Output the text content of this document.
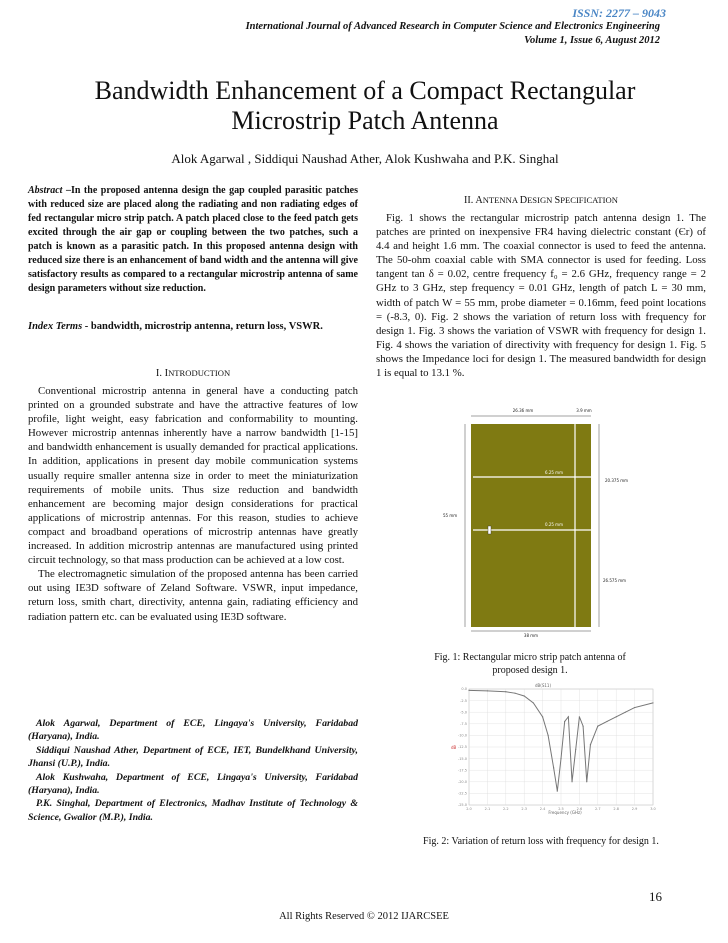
ISSN: 2277 – 9043
International Journal of Advanced Research in Computer Science and Electronics Engineering
Volume 1, Issue 6, August 2012
Bandwidth Enhancement of a Compact Rectangular
Microstrip Patch Antenna
Alok Agarwal , Siddiqui Naushad Ather, Alok Kushwaha and P.K. Singhal
Abstract –In the proposed antenna design the gap coupled parasitic patches with reduced size are placed along the radiating and non radiating edges of fed rectangular micro strip patch. A patch placed close to the feed patch gets excited through the air gap or coupling between the two patches, such a patch is known as a parasitic patch. In this proposed antenna design with reduced size there is an enhancement of band width and the antenna will give satisfactory results as compared to a rectangular microstrip antenna of same design parameters without size reduction.
Index Terms - bandwidth, microstrip antenna, return loss, VSWR.
I. INTRODUCTION

Conventional microstrip antenna in general have a conducting patch printed on a grounded substrate and have the attractive features of low profile, light weight, easy fabrication and conformability to mounting. However microstrip antennas inherently have a narrow bandwidth [1-15] and bandwidth enhancement is usually demanded for practical applications. In addition, applications in present day mobile communication systems usually require smaller antenna size in order to meet the miniaturization requirements of mobile units. Thus size reduction and bandwidth enhancement are becoming major design considerations for practical applications of microstrip antennas. For this reason, studies to achieve compact and broadband operations of microstrip antennas have greatly increased. In addition microstrip antennas are manufactured using printed circuit technology, so that mass production can be achieved at a low cost.

The electromagnetic simulation of the proposed antenna has been carried out using IE3D software of Zeland Software. VSWR, input impedance, return loss, smith chart, directivity, antenna gain, radiating efficiency and radiation pattern etc. can be evaluated using IE3D software.

Alok Agarwal, Department of ECE, Lingaya's University, Faridabad (Haryana), India.
Siddiqui Naushad Ather, Department of ECE, IET, Bundelkhand University, Jhansi (U.P.), India.
Alok Kushwaha, Department of ECE, Lingaya's University, Faridabad (Haryana), India.
P.K. Singhal, Department of Electronics, Madhav Institute of Technology & Science, Gwalior (M.P.), India.
II. ANTENNA DESIGN SPECIFICATION

Fig. 1 shows the rectangular microstrip patch antenna design 1. The patches are printed on inexpensive FR4 having dielectric constant (Єr) of 4.4 and height 1.6 mm. The coaxial connector is used to feed the antenna. The 50-ohm coaxial cable with SMA connector is used for feeding. Loss tangent tan δ = 0.02, centre frequency f₀ = 2.6 GHz, frequency range = 2 GHz to 3 GHz, step frequency = 0.01 GHz, length of patch L = 30 mm, width of patch W = 55 mm, probe diameter = 0.16mm, feed point locations = (-8.3, 0). Fig. 2 shows the variation of return loss with frequency for design 1. Fig. 3 shows the variation of VSWR with frequency for design 1. Fig. 4 shows the variation of directivity with frequency for design 1. Fig. 5 shows the Impedance loci for design 1. The measured bandwidth for design 1 is equal to 13.1 %.

26.36 mm	3.9 mm
6.25 mm
20.375 mm
55 mm
0.25 mm
26.575 mm
38 mm
Fig. 1: Rectangular micro strip patch antenna of
proposed design 1.
2.0	2.1	2.2	2.3	2.4	2.5	2.6	2.7	2.8	2.9	3.0
-25.0
-22.5
-20.0
-17.5
-15.0
-12.5
-10.0
-7.5
-5.0
-2.5
0.0
dB(S11)
dB
Frequency (GHz)
Fig. 2: Variation of return loss with frequency for design 1.
16
All Rights Reserved © 2012 IJARCSEE
